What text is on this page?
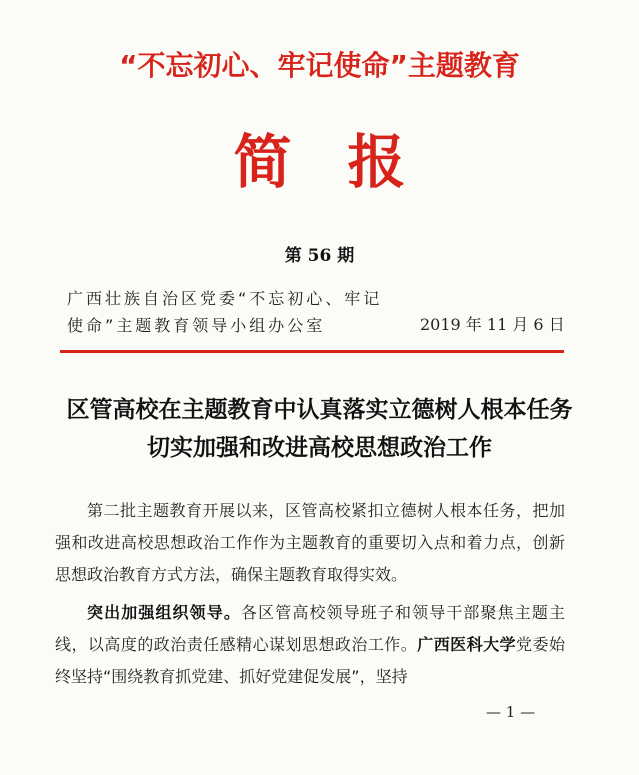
“不忘初心、牢记使命”主题教育
简报
第 56 期
广西壮族自治区党委“不忘初心、牢记
使命”主题教育领导小组办公室	2019 年 11 月 6 日
区管高校在主题教育中认真落实立德树人根本任务
切实加强和改进高校思想政治工作

第二批主题教育开展以来，区管高校紧扣立德树人根本任务，把加强和改进高校思想政治工作作为主题教育的重要切入点和着力点，创新思想政治教育方式方法，确保主题教育取得实效。

突出加强组织领导。各区管高校领导班子和领导干部聚焦主题主线，以高度的政治责任感精心谋划思想政治工作。广西医科大学党委始终坚持“围绕教育抓党建、抓好党建促发展”，坚持

— 1 —
